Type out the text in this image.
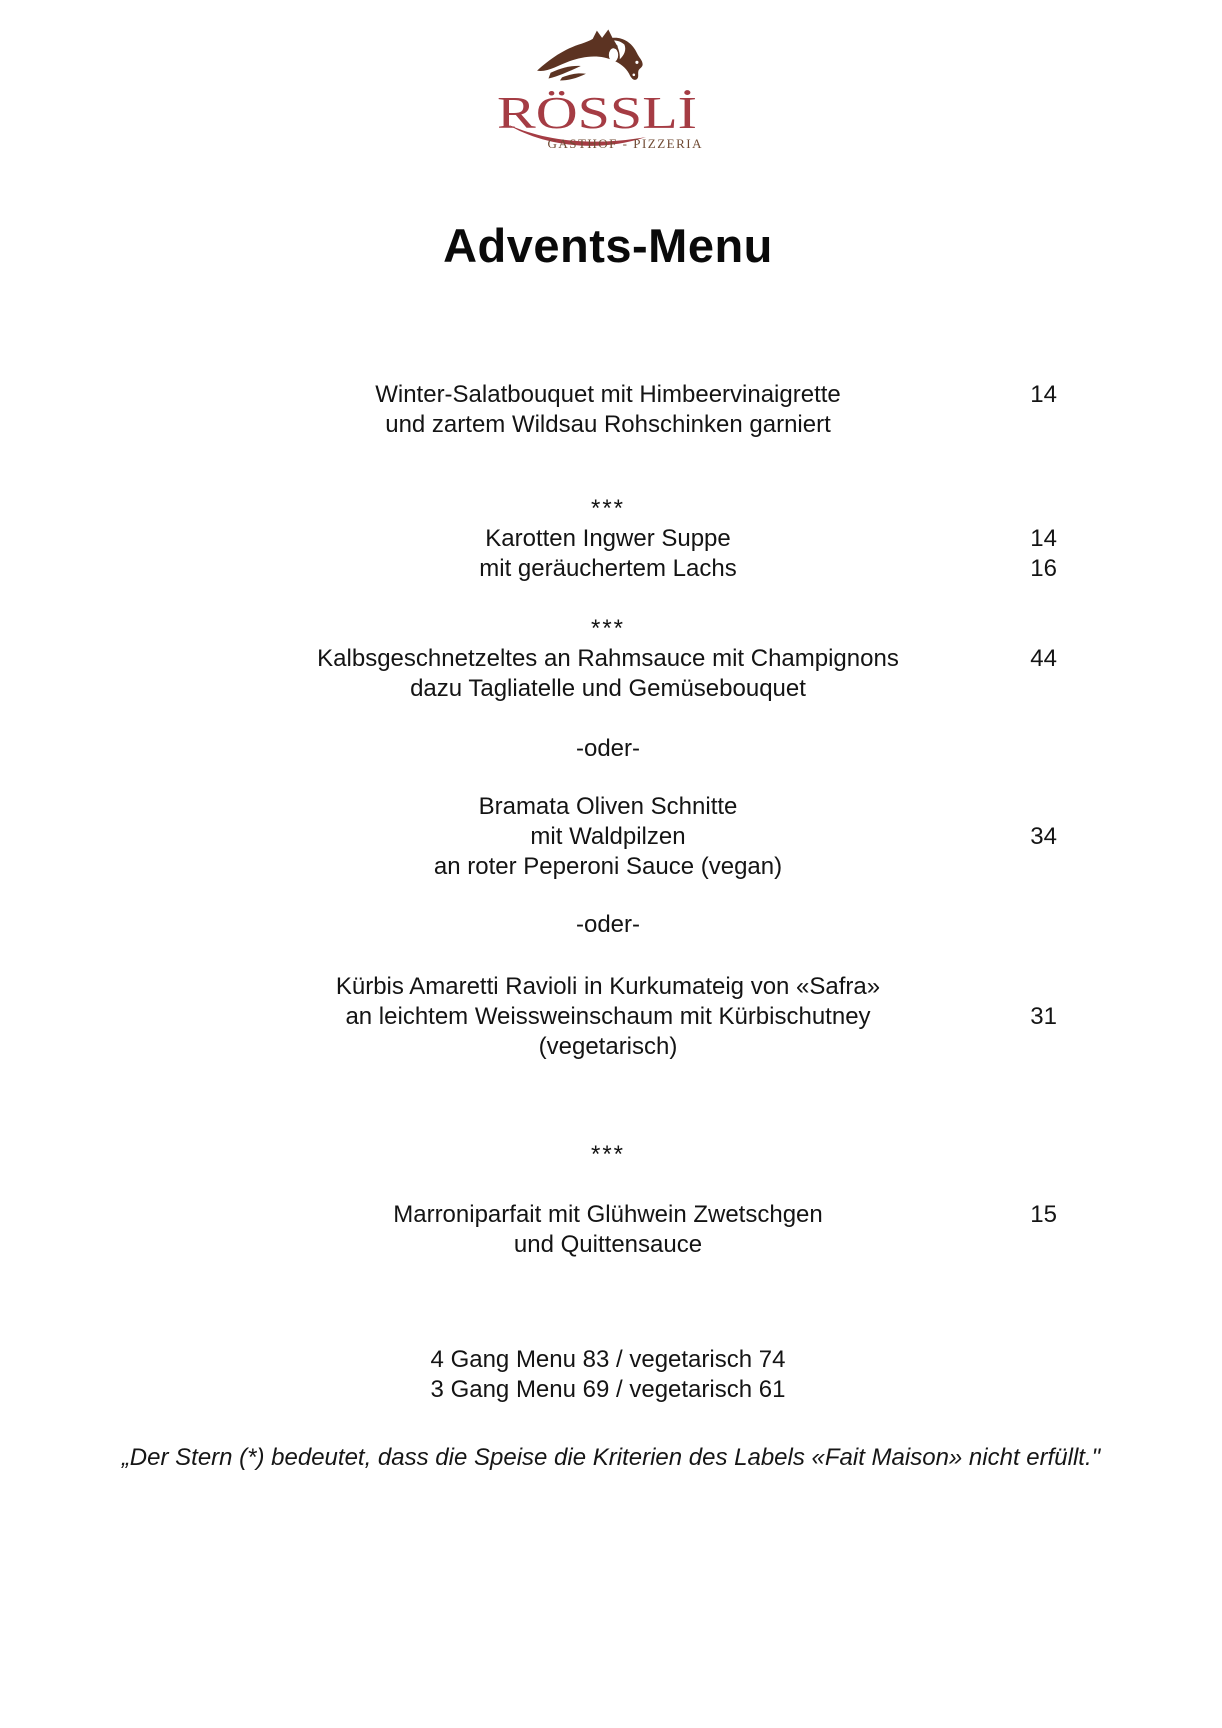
RÖSSLİ
GASTHOF - PIZZERIA
Advents-Menu
Winter-Salatbouquet mit Himbeervinaigrette
und zartem Wildsau Rohschinken garniert
14
***
Karotten Ingwer Suppe
mit geräuchertem Lachs
14
16
***
Kalbsgeschnetzeltes an Rahmsauce mit Champignons
dazu Tagliatelle und Gemüsebouquet
44
-oder-
Bramata Oliven Schnitte
mit Waldpilzen
an roter Peperoni Sauce (vegan)
34
-oder-
Kürbis Amaretti Ravioli in Kurkumateig von «Safra»
an leichtem Weissweinschaum mit Kürbischutney
(vegetarisch)
31
***
Marroniparfait mit Glühwein Zwetschgen
und Quittensauce
15
4 Gang Menu 83 / vegetarisch 74
3 Gang Menu 69 / vegetarisch 61
„Der Stern (*) bedeutet, dass die Speise die Kriterien des Labels «Fait Maison» nicht erfüllt."
